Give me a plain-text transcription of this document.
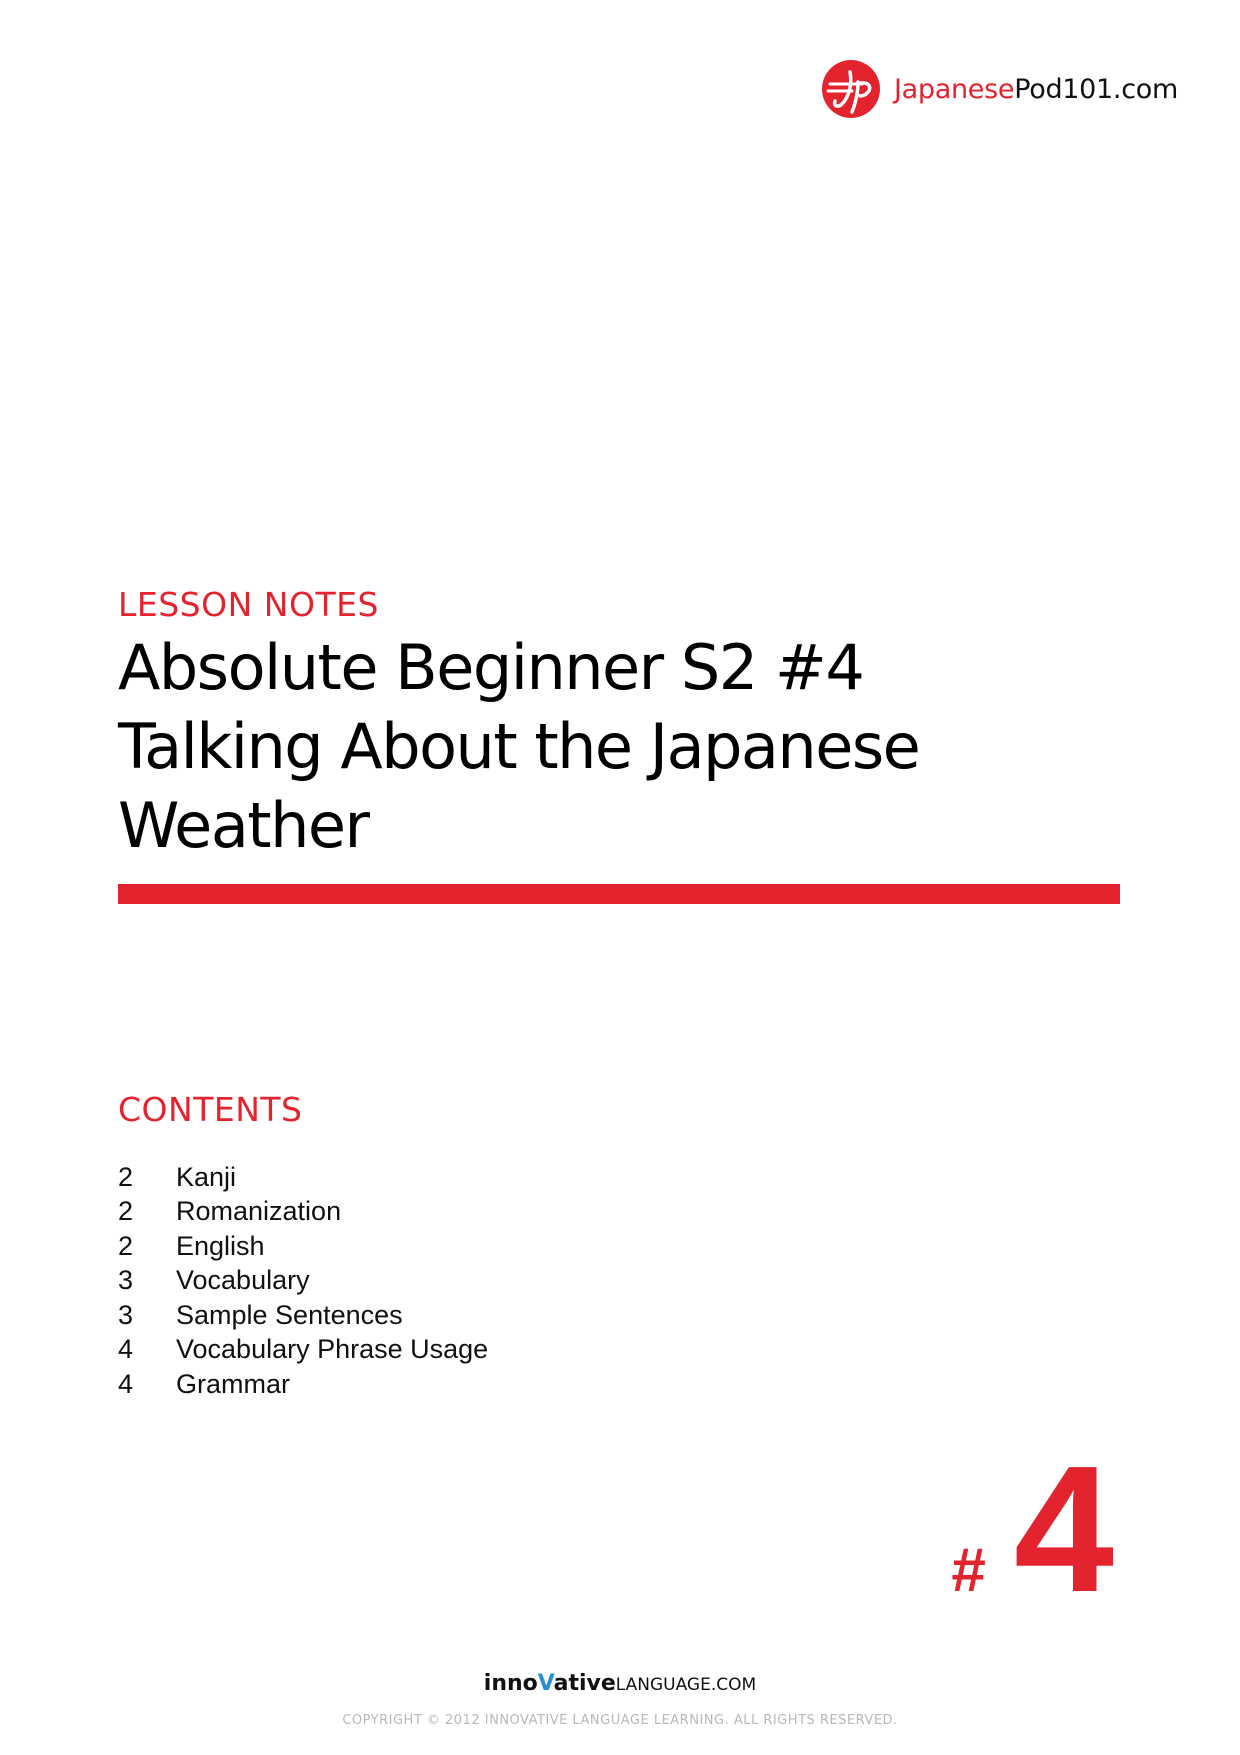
JapanesePod101.com
LESSON NOTES
Absolute Beginner S2 #4
Talking About the Japanese
Weather
CONTENTS
2	Kanji
2	Romanization
2	English
3	Vocabulary
3	Sample Sentences
4	Vocabulary Phrase Usage
4	Grammar
# 4
innoVativeLANGUAGE.COM
COPYRIGHT © 2012 INNOVATIVE LANGUAGE LEARNING. ALL RIGHTS RESERVED.
